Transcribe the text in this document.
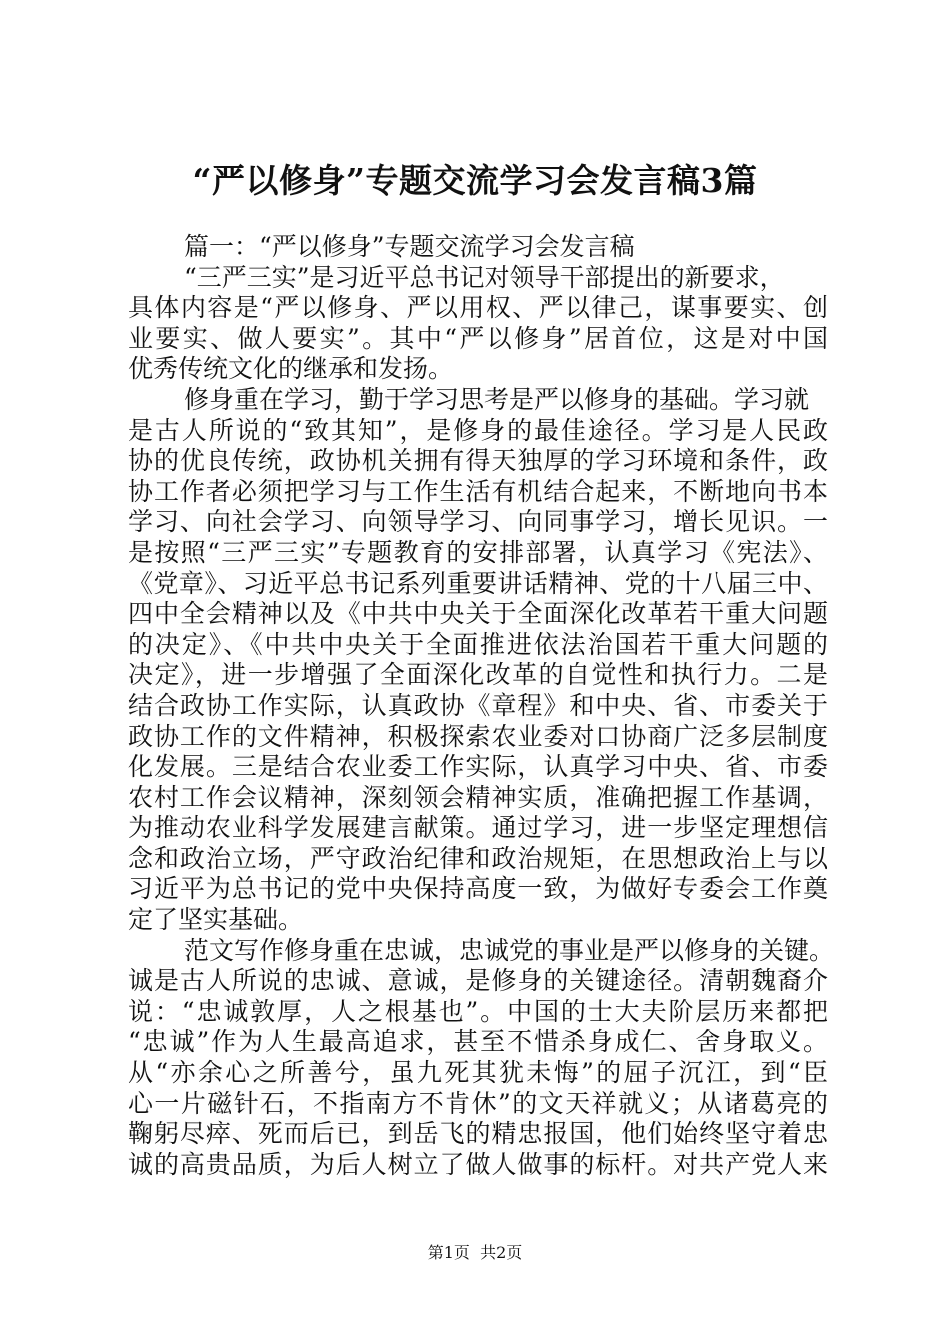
“严以修身”专题交流学习会发言稿3篇
篇一：“严以修身”专题交流学习会发言稿
“三严三实”是习近平总书记对领导干部提出的新要求，
具体内容是“严以修身、严以用权、严以律己，谋事要实、创
业要实、做人要实”。其中“严以修身”居首位，这是对中国
优秀传统文化的继承和发扬。
修身重在学习，勤于学习思考是严以修身的基础。学习就
是古人所说的“致其知”，是修身的最佳途径。学习是人民政
协的优良传统，政协机关拥有得天独厚的学习环境和条件，政
协工作者必须把学习与工作生活有机结合起来，不断地向书本
学习、向社会学习、向领导学习、向同事学习，增长见识。一
是按照“三严三实”专题教育的安排部署，认真学习《宪法》、
《党章》、习近平总书记系列重要讲话精神、党的十八届三中、
四中全会精神以及《中共中央关于全面深化改革若干重大问题
的决定》、《中共中央关于全面推进依法治国若干重大问题的
决定》，进一步增强了全面深化改革的自觉性和执行力。二是
结合政协工作实际，认真政协《章程》和中央、省、市委关于
政协工作的文件精神，积极探索农业委对口协商广泛多层制度
化发展。三是结合农业委工作实际，认真学习中央、省、市委
农村工作会议精神，深刻领会精神实质，准确把握工作基调，
为推动农业科学发展建言献策。通过学习，进一步坚定理想信
念和政治立场，严守政治纪律和政治规矩，在思想政治上与以
习近平为总书记的党中央保持高度一致，为做好专委会工作奠
定了坚实基础。
范文写作修身重在忠诚，忠诚党的事业是严以修身的关键。
诚是古人所说的忠诚、意诚，是修身的关键途径。清朝魏裔介
说：“忠诚敦厚，人之根基也”。中国的士大夫阶层历来都把
“忠诚”作为人生最高追求，甚至不惜杀身成仁、舍身取义。
从“亦余心之所善兮，虽九死其犹未悔”的屈子沉江，到“臣
心一片磁针石，不指南方不肯休”的文天祥就义；从诸葛亮的
鞠躬尽瘁、死而后已，到岳飞的精忠报国，他们始终坚守着忠
诚的高贵品质，为后人树立了做人做事的标杆。对共产党人来
第1页  共2页
